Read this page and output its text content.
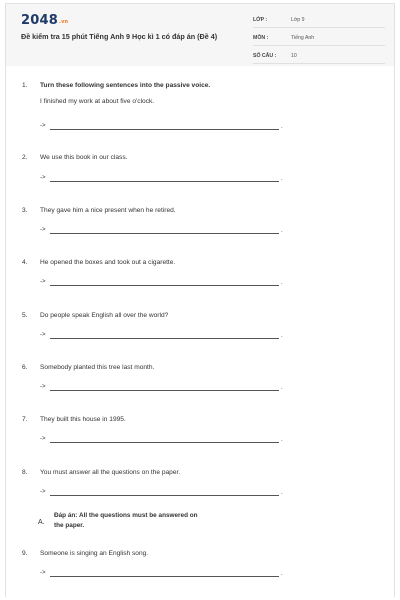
2048.vn
Đề kiểm tra 15 phút Tiếng Anh 9 Học kì 1 có đáp án (Đề 4)
LỚP :	Lớp 9
MÔN :	Tiếng Anh
SỐ CÂU :	10
1. Turn these following sentences into the passive voice.
I finished my work at about five o'clock.
->	.
2. We use this book in our class.
->	.
3. They gave him a nice present when he retired.
->	.
4. He opened the boxes and took out a cigarette.
->	.
5. Do people speak English all over the world?
->	.
6. Somebody planted this tree last month.
->	.
7. They built this house in 1995.
->	.
8. You must answer all the questions on the paper.
->	.
A.
Đáp án: All the questions must be answered on the paper.
9. Someone is singing an English song.
->	.
